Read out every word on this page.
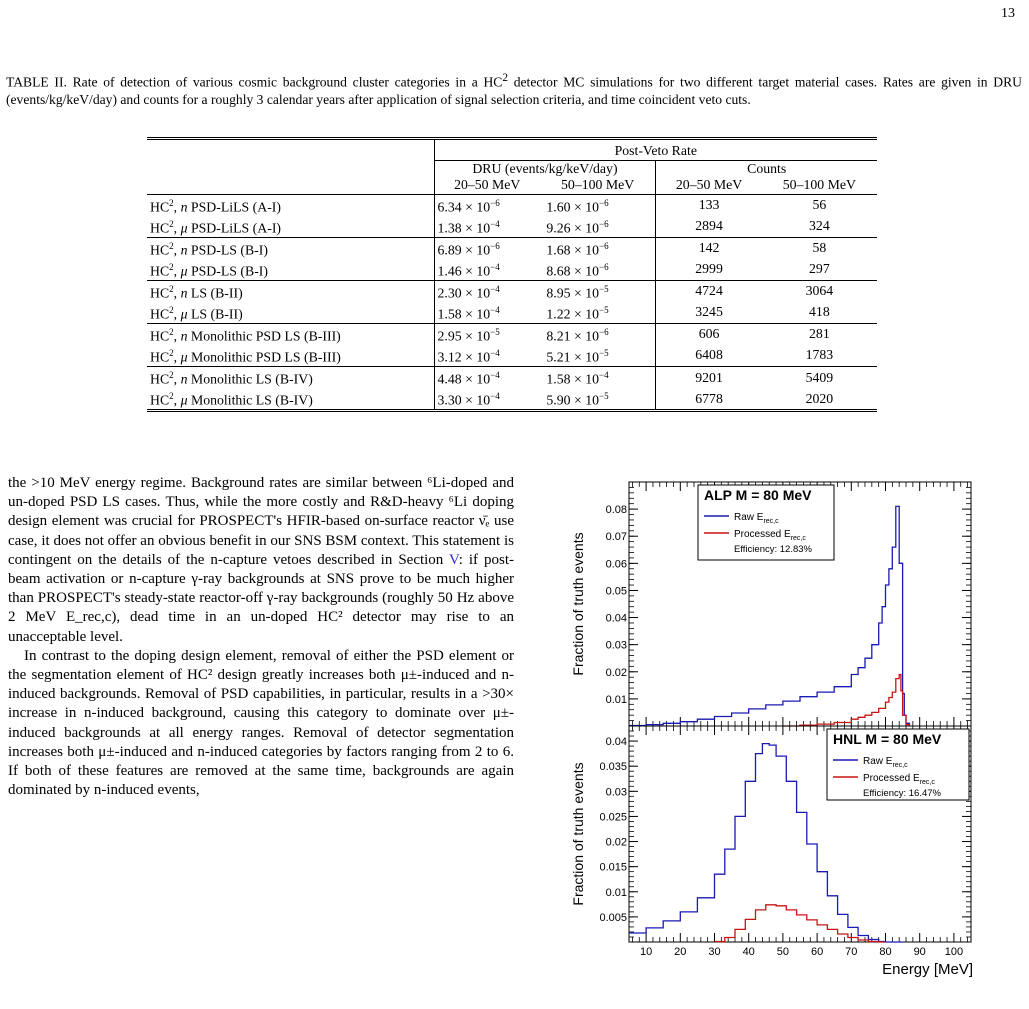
13
TABLE II. Rate of detection of various cosmic background cluster categories in a $HC^2$ detector MC simulations for two different target material cases. Rates are given in DRU (events/kg/keV/day) and counts for a roughly 3 calendar years after application of signal selection criteria, and time coincident veto cuts.
	Post-Veto Rate			
	DRU (events/kg/keV/day)		Counts	
	20–50 MeV	50–100 MeV	20–50 MeV	50–100 MeV
$HC^2$, n PSD-LiLS (A-I)	$6.34 \times 10^{-6}$	$1.60 \times 10^{-6}$	133	56
$HC^2$, μ PSD-LiLS (A-I)	$1.38 \times 10^{-4}$	$9.26 \times 10^{-6}$	2894	324
$HC^2$, n PSD-LS (B-I)	$6.89 \times 10^{-6}$	$1.68 \times 10^{-6}$	142	58
$HC^2$, μ PSD-LS (B-I)	$1.46 \times 10^{-4}$	$8.68 \times 10^{-6}$	2999	297
$HC^2$, n LS (B-II)	$2.30 \times 10^{-4}$	$8.95 \times 10^{-5}$	4724	3064
$HC^2$, μ LS (B-II)	$1.58 \times 10^{-4}$	$1.22 \times 10^{-5}$	3245	418
$HC^2$, n Monolithic PSD LS (B-III)	$2.95 \times 10^{-5}$	$8.21 \times 10^{-6}$	606	281
$HC^2$, μ Monolithic PSD LS (B-III)	$3.12 \times 10^{-4}$	$5.21 \times 10^{-5}$	6408	1783
$HC^2$, n Monolithic LS (B-IV)	$4.48 \times 10^{-4}$	$1.58 \times 10^{-4}$	9201	5409
$HC^2$, μ Monolithic LS (B-IV)	$3.30 \times 10^{-4}$	$5.90 \times 10^{-5}$	6778	2020

the >10 MeV energy regime. Background rates are similar between ⁶Li-doped and un-doped PSD LS cases. Thus, while the more costly and R&D-heavy ⁶Li doping design element was crucial for PROSPECT's HFIR-based on-surface reactor ν̄ₑ use case, it does not offer an obvious benefit in our SNS BSM context. This statement is contingent on the details of the n-capture vetoes described in Section V: if post-beam activation or n-capture γ-ray backgrounds at SNS prove to be much higher than PROSPECT's steady-state reactor-off γ-ray backgrounds (roughly 50 Hz above 2 MeV E_rec,c), dead time in an un-doped HC² detector may rise to an unacceptable level.

In contrast to the doping design element, removal of either the PSD element or the segmentation element of HC² design greatly increases both μ±-induced and n-induced backgrounds. Removal of PSD capabilities, in particular, results in a >30× increase in n-induced background, causing this category to dominate over μ±-induced backgrounds at all energy ranges. Removal of detector segmentation increases both μ±-induced and n-induced categories by factors ranging from 2 to 6. If both of these features are removed at the same time, backgrounds are again dominated by n-induced events,

0.01
0.02
0.03
0.04
0.05
0.06
0.07
0.08
Fraction of truth events
ALP M = 80 MeV
Raw $E_{rec,c}$
Processed $E_{rec,c}$
Efficiency: 12.83%
0.005
0.01
0.015
0.02
0.025
0.03
0.035
0.04
10 20 30 40 50 60 70 80 90 100
Fraction of truth events
HNL M = 80 MeV
Raw $E_{rec,c}$
Processed $E_{rec,c}$
Efficiency: 16.47%
Energy [MeV]
